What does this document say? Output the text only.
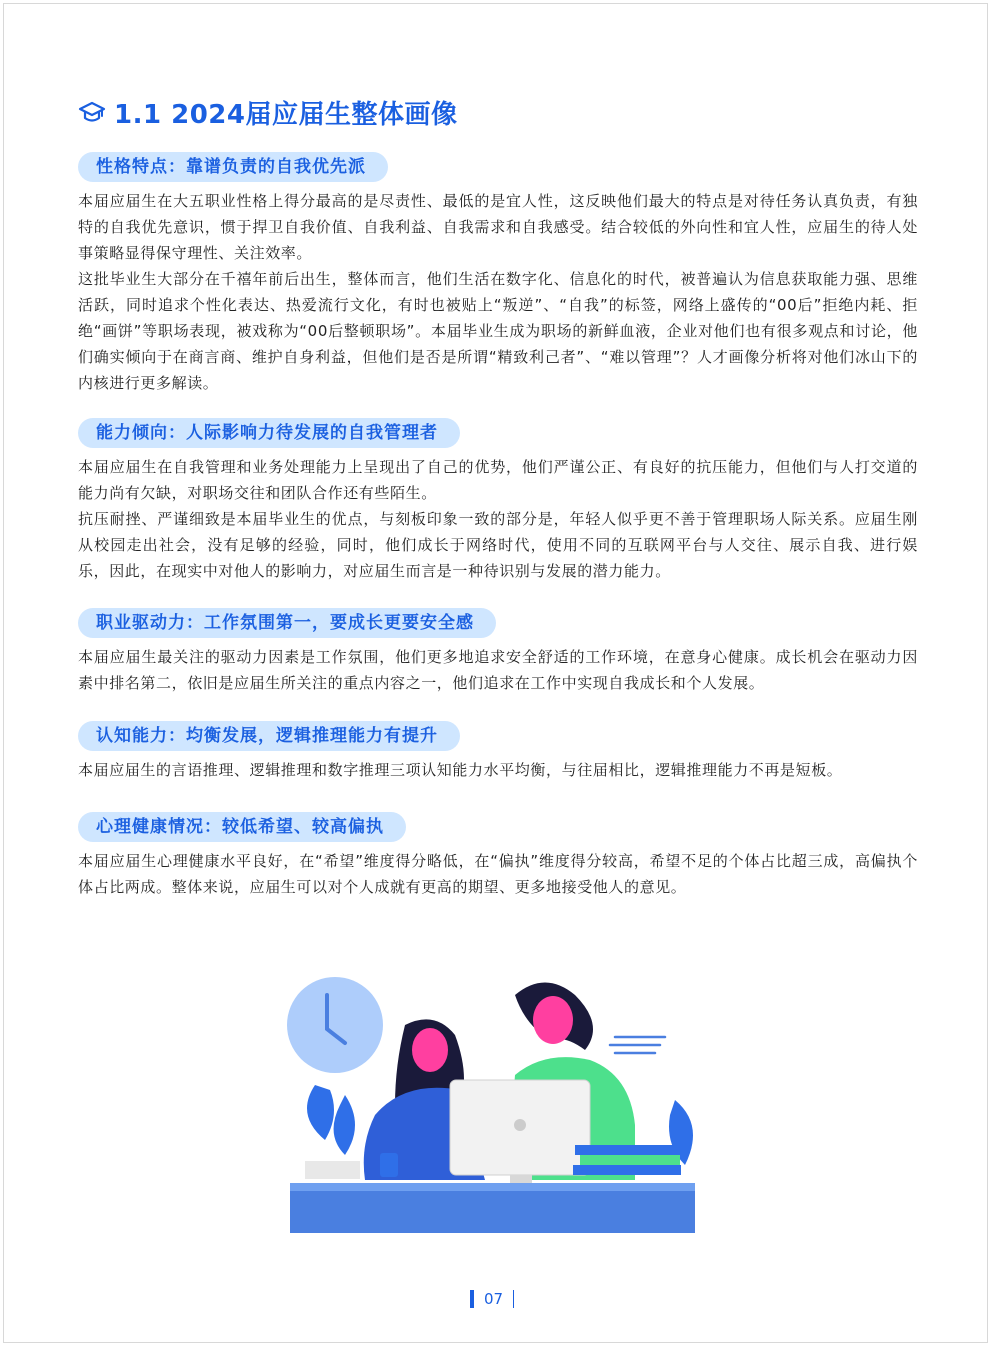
1.1 2024届应届生整体画像
性格特点：靠谱负责的自我优先派

本届应届生在大五职业性格上得分最高的是尽责性、最低的是宜人性，这反映他们最大的特点是对待任务认真负责，有独特的自我优先意识，惯于捍卫自我价值、自我利益、自我需求和自我感受。结合较低的外向性和宜人性，应届生的待人处事策略显得保守理性、关注效率。

这批毕业生大部分在千禧年前后出生，整体而言，他们生活在数字化、信息化的时代，被普遍认为信息获取能力强、思维活跃，同时追求个性化表达、热爱流行文化，有时也被贴上“叛逆”、“自我”的标签，网络上盛传的“00后”拒绝内耗、拒绝“画饼”等职场表现，被戏称为“00后整顿职场”。本届毕业生成为职场的新鲜血液，企业对他们也有很多观点和讨论，他们确实倾向于在商言商、维护自身利益，但他们是否是所谓“精致利己者”、“难以管理”？人才画像分析将对他们冰山下的内核进行更多解读。

能力倾向：人际影响力待发展的自我管理者

本届应届生在自我管理和业务处理能力上呈现出了自己的优势，他们严谨公正、有良好的抗压能力，但他们与人打交道的能力尚有欠缺，对职场交往和团队合作还有些陌生。

抗压耐挫、严谨细致是本届毕业生的优点，与刻板印象一致的部分是，年轻人似乎更不善于管理职场人际关系。应届生刚从校园走出社会，没有足够的经验，同时，他们成长于网络时代，使用不同的互联网平台与人交往、展示自我、进行娱乐，因此，在现实中对他人的影响力，对应届生而言是一种待识别与发展的潜力能力。

职业驱动力：工作氛围第一，要成长更要安全感

本届应届生最关注的驱动力因素是工作氛围，他们更多地追求安全舒适的工作环境，在意身心健康。成长机会在驱动力因素中排名第二，依旧是应届生所关注的重点内容之一，他们追求在工作中实现自我成长和个人发展。

认知能力：均衡发展，逻辑推理能力有提升

本届应届生的言语推理、逻辑推理和数字推理三项认知能力水平均衡，与往届相比，逻辑推理能力不再是短板。

心理健康情况：较低希望、较高偏执

本届应届生心理健康水平良好，在“希望”维度得分略低，在“偏执”维度得分较高，希望不足的个体占比超三成，高偏执个体占比两成。整体来说，应届生可以对个人成就有更高的期望、更多地接受他人的意见。

07
